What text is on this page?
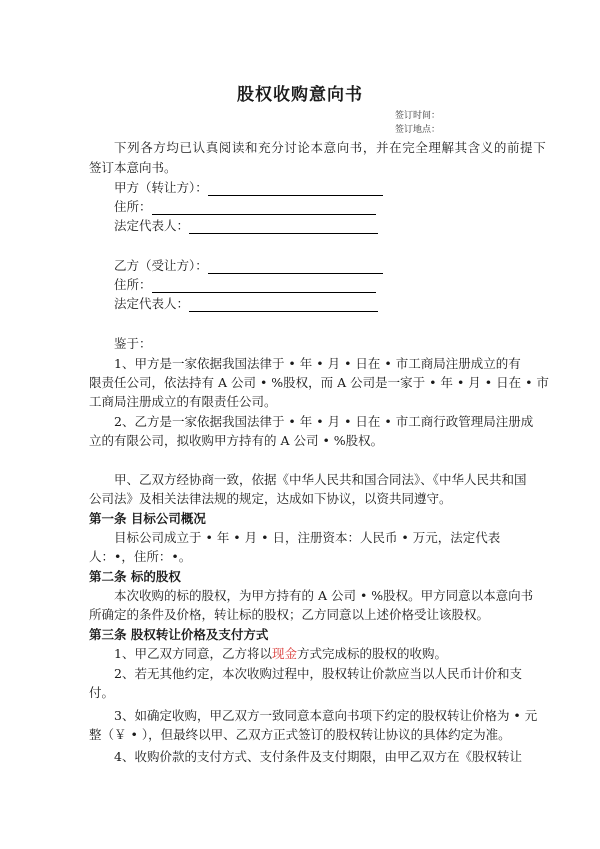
股权收购意向书
签订时间：
签订地点：
下列各方均已认真阅读和充分讨论本意向书，并在完全理解其含义的前提下
签订本意向书。
甲方（转让方）：
住所：
法定代表人：
乙方（受让方）：
住所：
法定代表人：
鉴于：
1、甲方是一家依据我国法律于 • 年 • 月 • 日在 • 市工商局注册成立的有
限责任公司，依法持有 A 公司 • %股权，而 A 公司是一家于 • 年 • 月 • 日在 • 市
工商局注册成立的有限责任公司。
2、乙方是一家依据我国法律于 • 年 • 月 • 日在 • 市工商行政管理局注册成
立的有限公司，拟收购甲方持有的 A 公司 • %股权。
甲、乙双方经协商一致，依据《中华人民共和国合同法》、《中华人民共和国
公司法》及相关法律法规的规定，达成如下协议，以资共同遵守。
第一条 目标公司概况
目标公司成立于 • 年 • 月 • 日，注册资本：人民币 • 万元，法定代表
人：•，住所：•。
第二条 标的股权
本次收购的标的股权，为甲方持有的 A 公司 • %股权。甲方同意以本意向书
所确定的条件及价格，转让标的股权；乙方同意以上述价格受让该股权。
第三条 股权转让价格及支付方式
1、甲乙双方同意，乙方将以现金方式完成标的股权的收购。
2、若无其他约定，本次收购过程中，股权转让价款应当以人民币计价和支
付。
3、如确定收购，甲乙双方一致同意本意向书项下约定的股权转让价格为 • 元
整（￥ • ），但最终以甲、乙双方正式签订的股权转让协议的具体约定为准。
4、收购价款的支付方式、支付条件及支付期限，由甲乙双方在《股权转让
